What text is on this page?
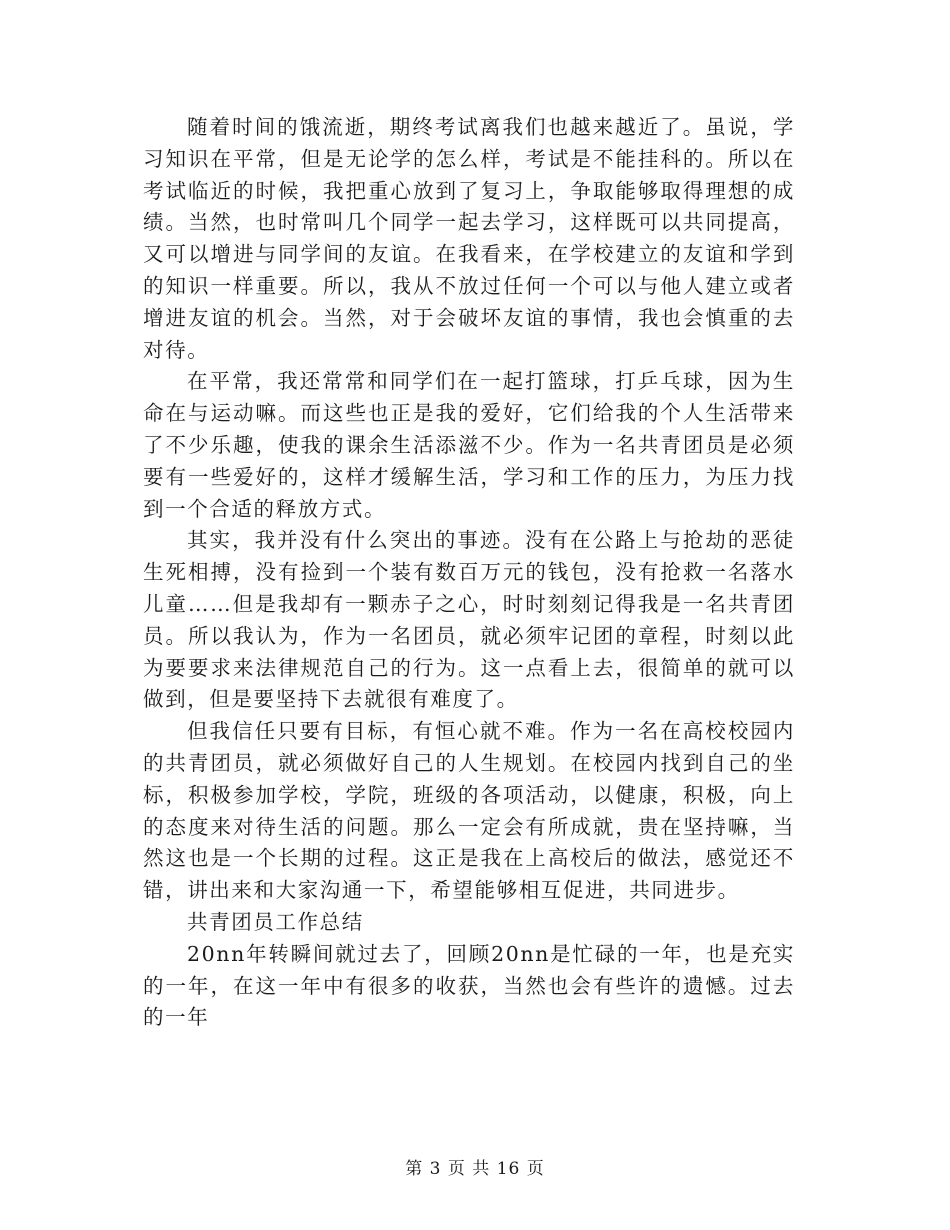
随着时间的饿流逝，期终考试离我们也越来越近了。虽说，学习知识在平常，但是无论学的怎么样，考试是不能挂科的。所以在考试临近的时候，我把重心放到了复习上，争取能够取得理想的成绩。当然，也时常叫几个同学一起去学习，这样既可以共同提高，又可以增进与同学间的友谊。在我看来，在学校建立的友谊和学到的知识一样重要。所以，我从不放过任何一个可以与他人建立或者增进友谊的机会。当然，对于会破坏友谊的事情，我也会慎重的去对待。

在平常，我还常常和同学们在一起打篮球，打乒乓球，因为生命在与运动嘛。而这些也正是我的爱好，它们给我的个人生活带来了不少乐趣，使我的课余生活添滋不少。作为一名共青团员是必须要有一些爱好的，这样才缓解生活，学习和工作的压力，为压力找到一个合适的释放方式。

其实，我并没有什么突出的事迹。没有在公路上与抢劫的恶徒生死相搏，没有捡到一个装有数百万元的钱包，没有抢救一名落水儿童……但是我却有一颗赤子之心，时时刻刻记得我是一名共青团员。所以我认为，作为一名团员，就必须牢记团的章程，时刻以此为要要求来法律规范自己的行为。这一点看上去，很简单的就可以做到，但是要坚持下去就很有难度了。

但我信任只要有目标，有恒心就不难。作为一名在高校校园内的共青团员，就必须做好自己的人生规划。在校园内找到自己的坐标，积极参加学校，学院，班级的各项活动，以健康，积极，向上的态度来对待生活的问题。那么一定会有所成就，贵在坚持嘛，当然这也是一个长期的过程。这正是我在上高校后的做法，感觉还不错，讲出来和大家沟通一下，希望能够相互促进，共同进步。

共青团员工作总结

20nn年转瞬间就过去了，回顾20nn是忙碌的一年，也是充实的一年，在这一年中有很多的收获，当然也会有些许的遗憾。过去的一年

第 3 页 共 16 页
